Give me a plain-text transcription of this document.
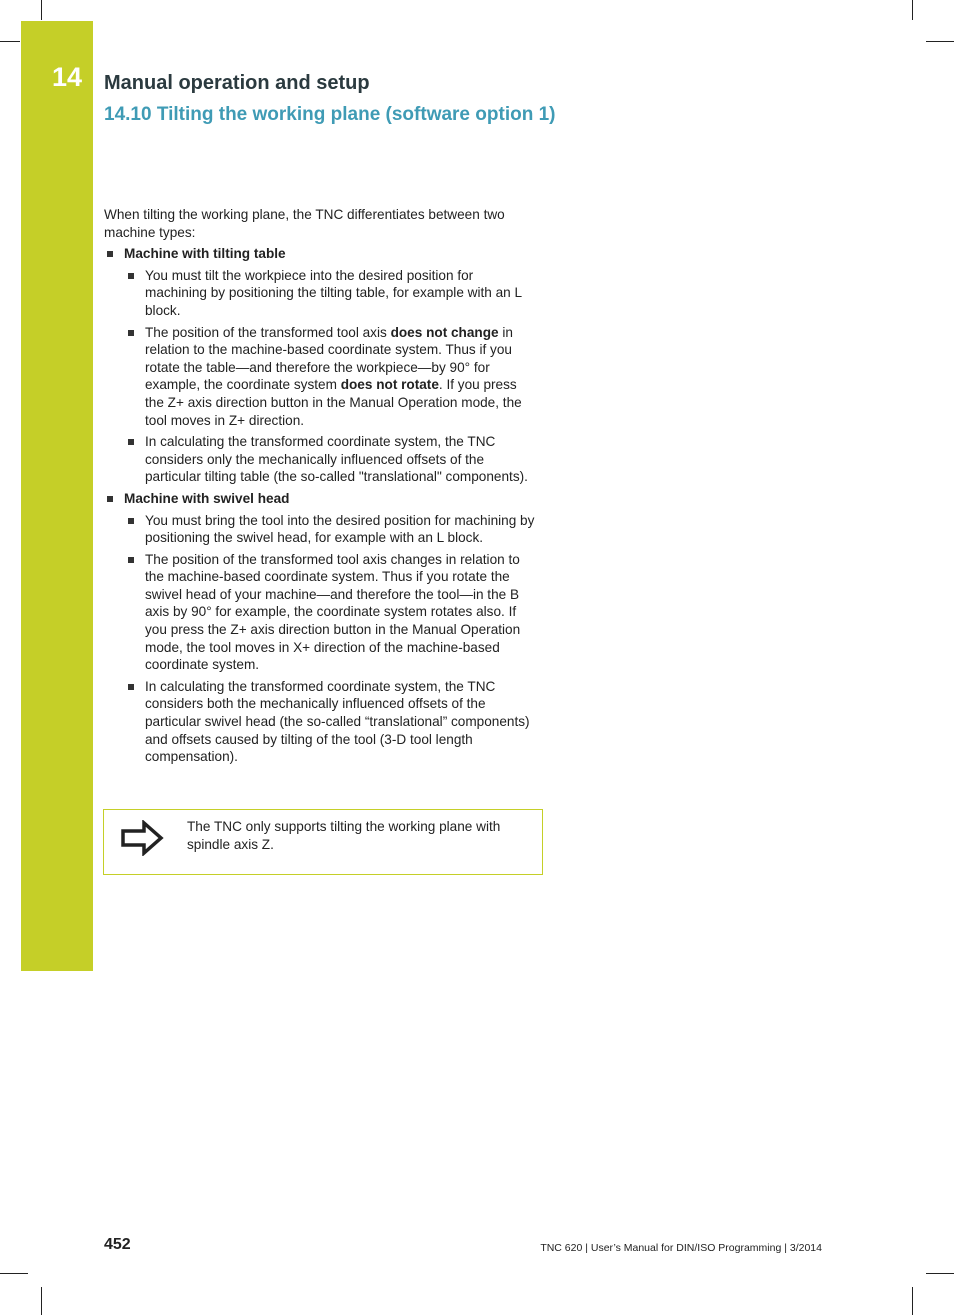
14 Manual operation and setup
14.10 Tilting the working plane (software option 1)

When tilting the working plane, the TNC differentiates between two machine types:

Machine with tilting table
You must tilt the workpiece into the desired position for machining by positioning the tilting table, for example with an L block.
The position of the transformed tool axis does not change in relation to the machine-based coordinate system. Thus if you rotate the table—and therefore the workpiece—by 90° for example, the coordinate system does not rotate. If you press the Z+ axis direction button in the Manual Operation mode, the tool moves in Z+ direction.
In calculating the transformed coordinate system, the TNC considers only the mechanically influenced offsets of the particular tilting table (the so-called "translational" components).
Machine with swivel head
You must bring the tool into the desired position for machining by positioning the swivel head, for example with an L block.
The position of the transformed tool axis changes in relation to the machine-based coordinate system. Thus if you rotate the swivel head of your machine—and therefore the tool—in the B axis by 90° for example, the coordinate system rotates also. If you press the Z+ axis direction button in the Manual Operation mode, the tool moves in X+ direction of the machine-based coordinate system.
In calculating the transformed coordinate system, the TNC considers both the mechanically influenced offsets of the particular swivel head (the so-called “translational” components) and offsets caused by tilting of the tool (3-D tool length compensation).
The TNC only supports tilting the working plane with spindle axis Z.
452	TNC 620 | User’s Manual for DIN/ISO Programming | 3/2014
